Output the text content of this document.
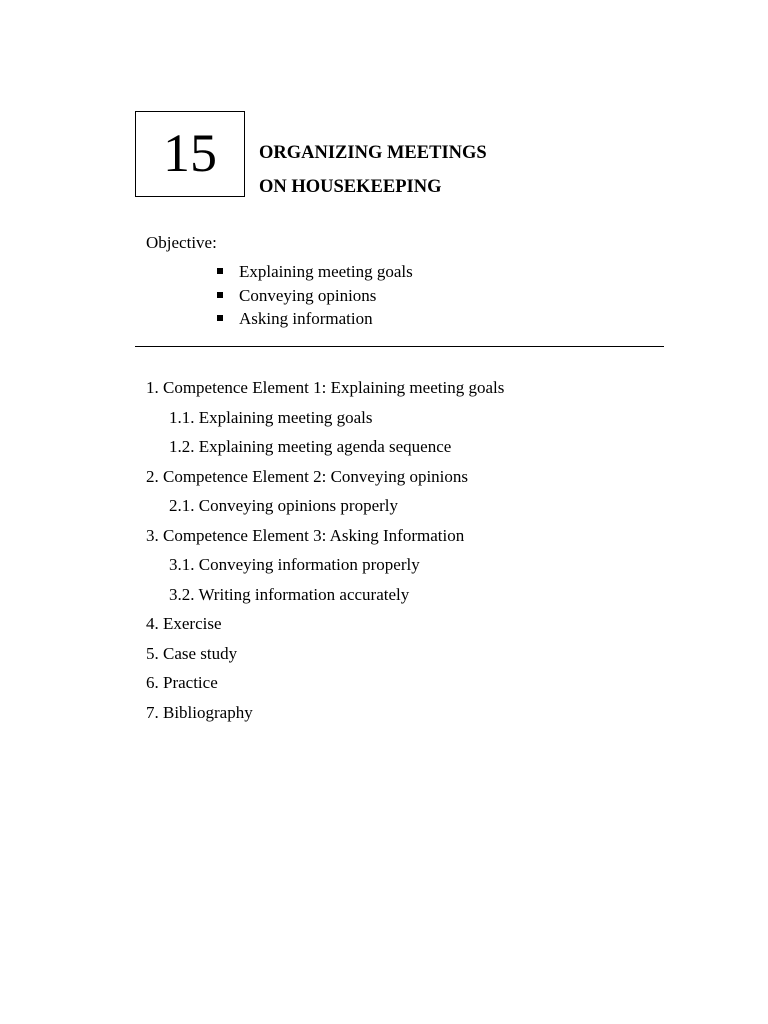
15 ORGANIZING MEETINGS
ON HOUSEKEEPING
Objective:
Explaining meeting goals
Conveying opinions
Asking information
1. Competence Element 1: Explaining meeting goals
1.1. Explaining meeting goals
1.2. Explaining meeting agenda sequence
2. Competence Element 2: Conveying opinions
2.1. Conveying opinions properly
3. Competence Element 3: Asking Information
3.1. Conveying information properly
3.2. Writing information accurately
4. Exercise
5. Case study
6. Practice
7. Bibliography
